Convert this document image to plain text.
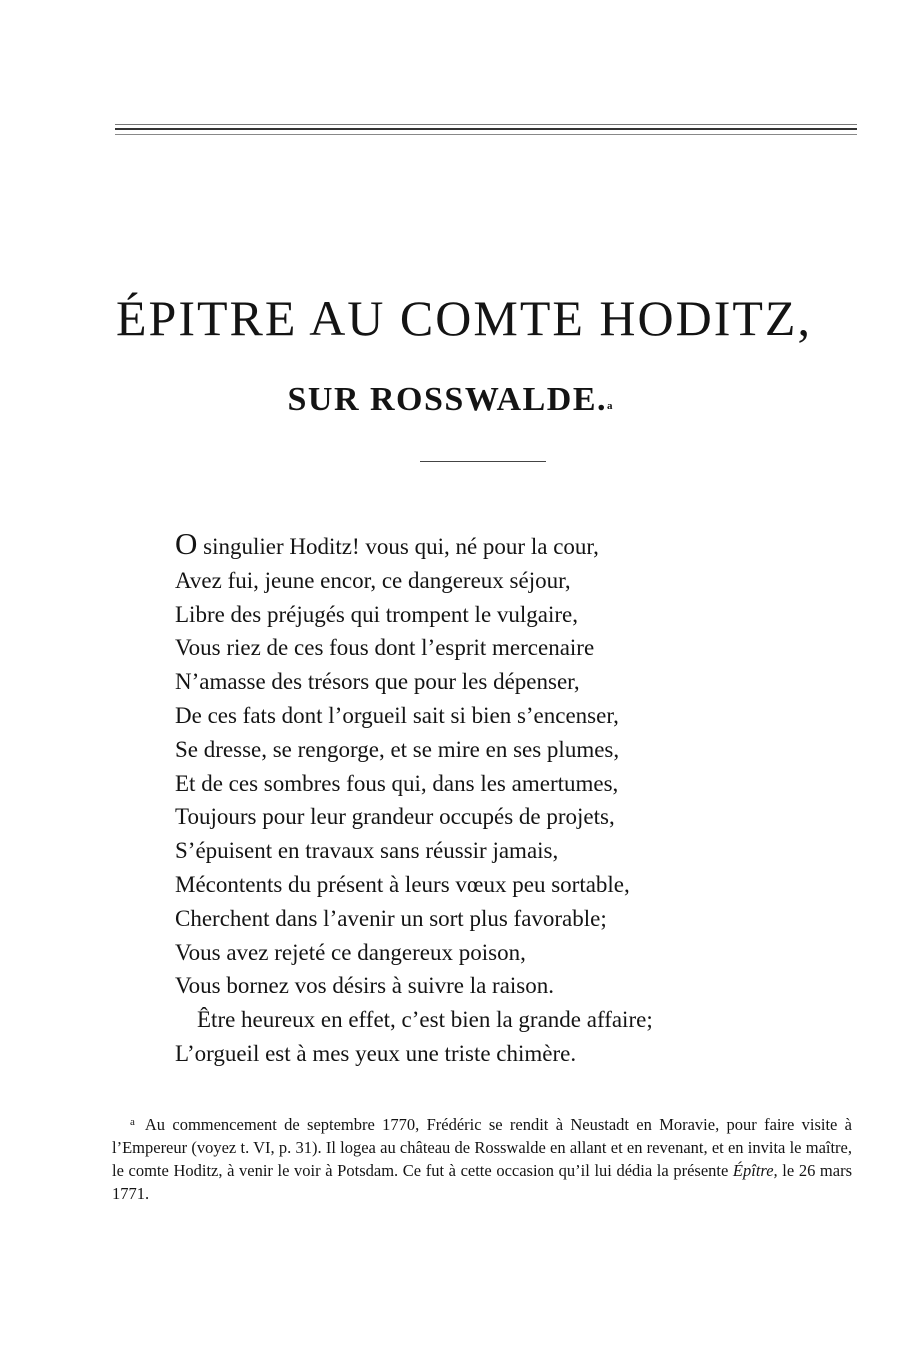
ÉPITRE AU COMTE HODITZ,
SUR ROSSWALDE.$^a$
O singulier Hoditz! vous qui, né pour la cour,
Avez fui, jeune encor, ce dangereux séjour,
Libre des préjugés qui trompent le vulgaire,
Vous riez de ces fous dont l’esprit mercenaire
N’amasse des trésors que pour les dépenser,
De ces fats dont l’orgueil sait si bien s’encenser,
Se dresse, se rengorge, et se mire en ses plumes,
Et de ces sombres fous qui, dans les amertumes,
Toujours pour leur grandeur occupés de projets,
S’épuisent en travaux sans réussir jamais,
Mécontents du présent à leurs vœux peu sortable,
Cherchent dans l’avenir un sort plus favorable;
Vous avez rejeté ce dangereux poison,
Vous bornez vos désirs à suivre la raison.
Être heureux en effet, c’est bien la grande affaire;
L’orgueil est à mes yeux une triste chimère.
$^a$ Au commencement de septembre 1770, Frédéric se rendit à Neustadt en Moravie, pour faire visite à l’Empereur (voyez t. VI, p. 31). Il logea au château de Rosswalde en allant et en revenant, et en invita le maître, le comte Hoditz, à venir le voir à Potsdam. Ce fut à cette occasion qu’il lui dédia la présente Épître, le 26 mars 1771.
